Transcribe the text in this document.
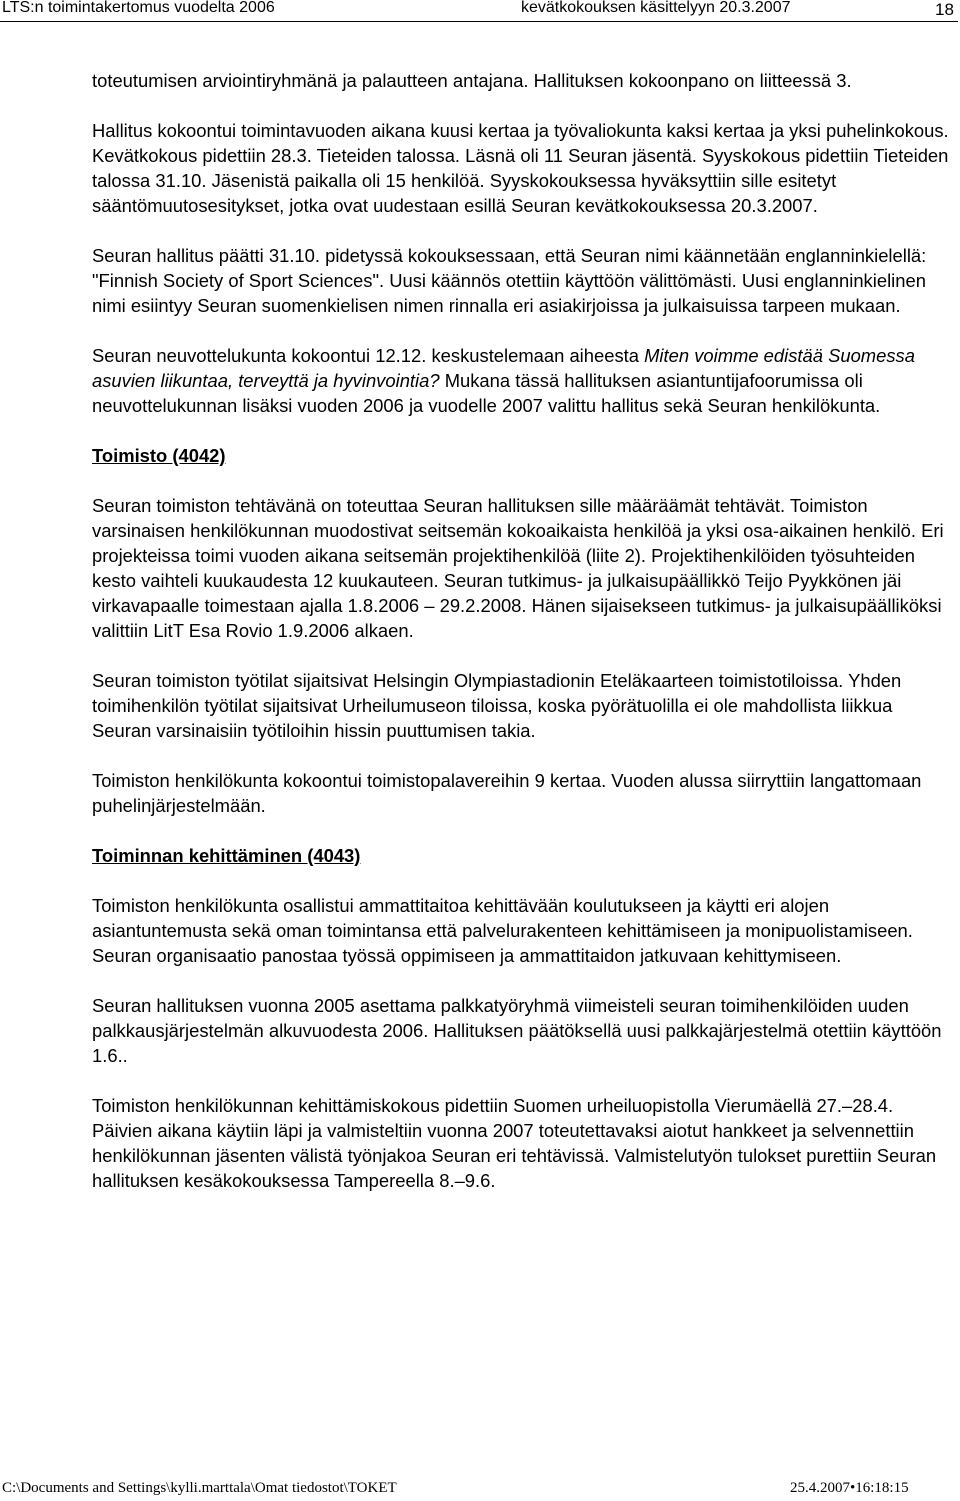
LTS:n toimintakertomus vuodelta 2006	kevätkokouksen käsittelyyn 20.3.2007	18

toteutumisen arviointiryhmänä ja palautteen antajana. Hallituksen kokoonpano on liitteessä 3.

Hallitus kokoontui toimintavuoden aikana kuusi kertaa ja työvaliokunta kaksi kertaa ja yksi puhelinkokous. Kevätkokous pidettiin 28.3. Tieteiden talossa. Läsnä oli 11 Seuran jäsentä. Syyskokous pidettiin Tieteiden talossa 31.10. Jäsenistä paikalla oli 15 henkilöä. Syyskokouksessa hyväksyttiin sille esitetyt sääntömuutosesitykset, jotka ovat uudestaan esillä Seuran kevätkokouksessa 20.3.2007.

Seuran hallitus päätti 31.10. pidetyssä kokouksessaan, että Seuran nimi käännetään englanninkielellä: "Finnish Society of Sport Sciences". Uusi käännös otettiin käyttöön välittömästi. Uusi englanninkielinen nimi esiintyy Seuran suomenkielisen nimen rinnalla eri asiakirjoissa ja julkaisuissa tarpeen mukaan.

Seuran neuvottelukunta kokoontui 12.12. keskustelemaan aiheesta Miten voimme edistää Suomessa asuvien liikuntaa, terveyttä ja hyvinvointia? Mukana tässä hallituksen asiantuntijafoorumissa oli neuvottelukunnan lisäksi vuoden 2006 ja vuodelle 2007 valittu hallitus sekä Seuran henkilökunta.

Toimisto (4042)

Seuran toimiston tehtävänä on toteuttaa Seuran hallituksen sille määräämät tehtävät. Toimiston varsinaisen henkilökunnan muodostivat seitsemän kokoaikaista henkilöä ja yksi osa-aikainen henkilö. Eri projekteissa toimi vuoden aikana seitsemän projektihenkilöä (liite 2). Projektihenkilöiden työsuhteiden kesto vaihteli kuukaudesta 12 kuukauteen. Seuran tutkimus- ja julkaisupäällikkö Teijo Pyykkönen jäi virkavapaalle toimestaan ajalla 1.8.2006 – 29.2.2008. Hänen sijaisekseen tutkimus- ja julkaisupäälliköksi valittiin LitT Esa Rovio 1.9.2006 alkaen.

Seuran toimiston työtilat sijaitsivat Helsingin Olympiastadionin Eteläkaarteen toimistotiloissa. Yhden toimihenkilön työtilat sijaitsivat Urheilumuseon tiloissa, koska pyörätuolilla ei ole mahdollista liikkua Seuran varsinaisiin työtiloihin hissin puuttumisen takia.

Toimiston henkilökunta kokoontui toimistopalavereihin 9 kertaa. Vuoden alussa siirryttiin langattomaan puhelinjärjestelmään.

Toiminnan kehittäminen (4043)

Toimiston henkilökunta osallistui ammattitaitoa kehittävään koulutukseen ja käytti eri alojen asiantuntemusta sekä oman toimintansa että palvelurakenteen kehittämiseen ja monipuolistamiseen. Seuran organisaatio panostaa työssä oppimiseen ja ammattitaidon jatkuvaan kehittymiseen.

Seuran hallituksen vuonna 2005 asettama palkkatyöryhmä viimeisteli seuran toimihenkilöiden uuden palkkausjärjestelmän alkuvuodesta 2006. Hallituksen päätöksellä uusi palkkajärjestelmä otettiin käyttöön 1.6..

Toimiston henkilökunnan kehittämiskokous pidettiin Suomen urheiluopistolla Vierumäellä 27.–28.4. Päivien aikana käytiin läpi ja valmisteltiin vuonna 2007 toteutettavaksi aiotut hankkeet ja selvennettiin henkilökunnan jäsenten välistä työnjakoa Seuran eri tehtävissä. Valmistelutyön tulokset purettiin Seuran hallituksen kesäkokouksessa Tampereella 8.–9.6.

C:\Documents and Settings\kylli.marttala\Omat tiedostot\TOKET	25.4.2007•16:18:15
